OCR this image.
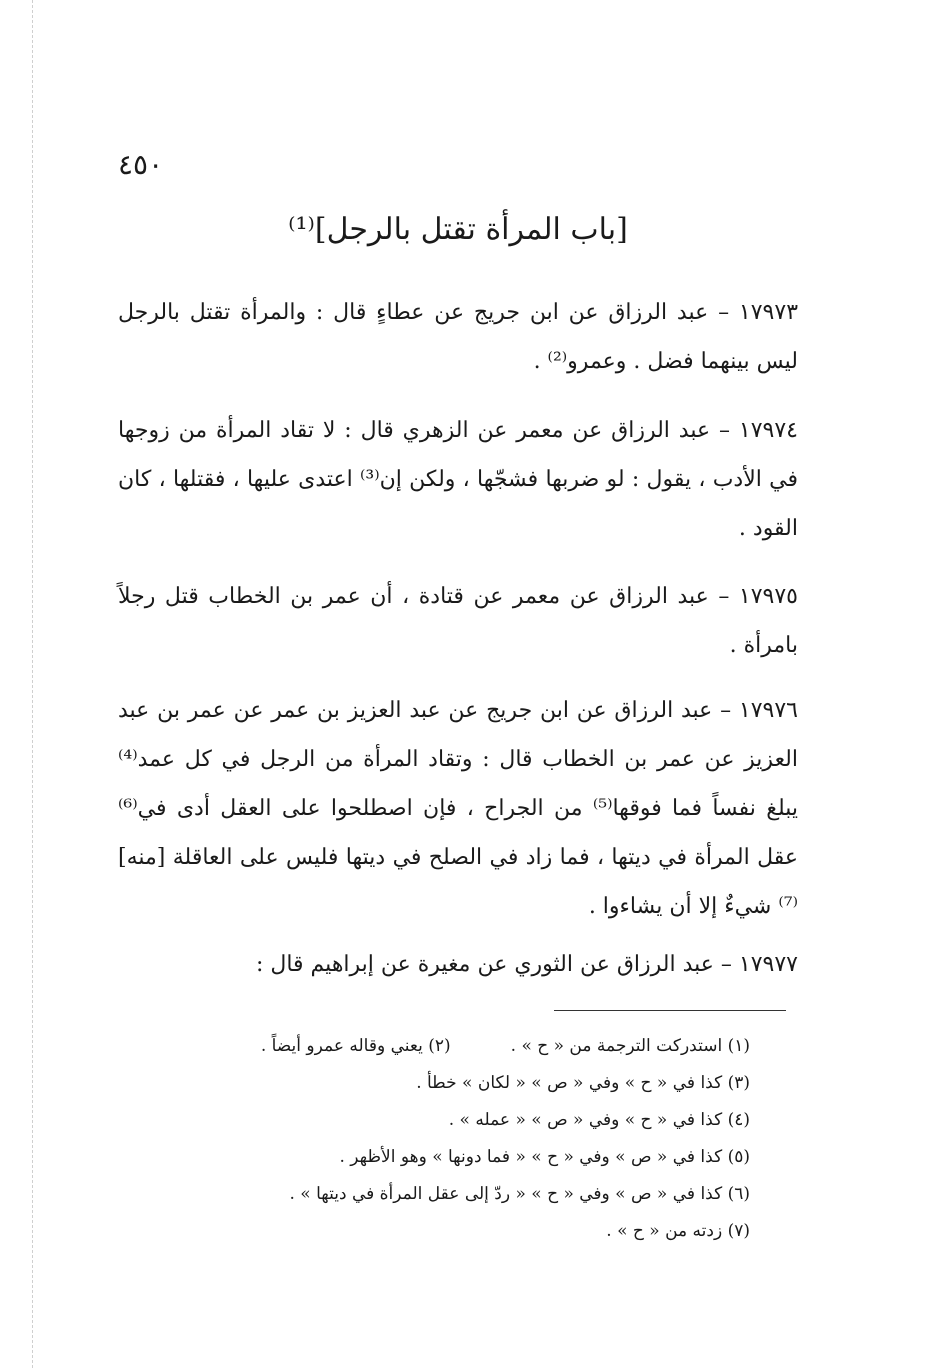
٤٥٠
[باب المرأة تقتل بالرجل]⁽¹⁾
١٧٩٧٣ – عبد الرزاق عن ابن جريج عن عطاءٍ قال : والمرأة تقتل بالرجل ليس بينهما فضل . وعمرو⁽²⁾ .
١٧٩٧٤ – عبد الرزاق عن معمر عن الزهري قال : لا تقاد المرأة من زوجها في الأدب ، يقول : لو ضربها فشجّها ، ولكن إن⁽³⁾ اعتدى عليها ، فقتلها ، كان القود .
١٧٩٧٥ – عبد الرزاق عن معمر عن قتادة ، أن عمر بن الخطاب قتل رجلاً بامرأة .
١٧٩٧٦ – عبد الرزاق عن ابن جريج عن عبد العزيز بن عمر عن عمر بن عبد العزيز عن عمر بن الخطاب قال : وتقاد المرأة من الرجل في كل عمد⁽⁴⁾ يبلغ نفساً فما فوقها⁽⁵⁾ من الجراح ، فإن اصطلحوا على العقل أدى في⁽⁶⁾ عقل المرأة في ديتها ، فما زاد في الصلح في ديتها فليس على العاقلة [منه]⁽⁷⁾ شيءٌ إلا أن يشاءوا .
١٧٩٧٧ – عبد الرزاق عن الثوري عن مغيرة عن إبراهيم قال :
(١) استدركت الترجمة من « ح » .(٢) يعني وقاله عمرو أيضاً .
(٣) كذا في « ح » وفي « ص » « لكان » خطأ .
(٤) كذا في « ح » وفي « ص » « عمله » .
(٥) كذا في « ص » وفي « ح » « فما دونها » وهو الأظهر .
(٦) كذا في « ص » وفي « ح » « ردّ إلى عقل المرأة في ديتها » .
(٧) زدته من « ح » .
